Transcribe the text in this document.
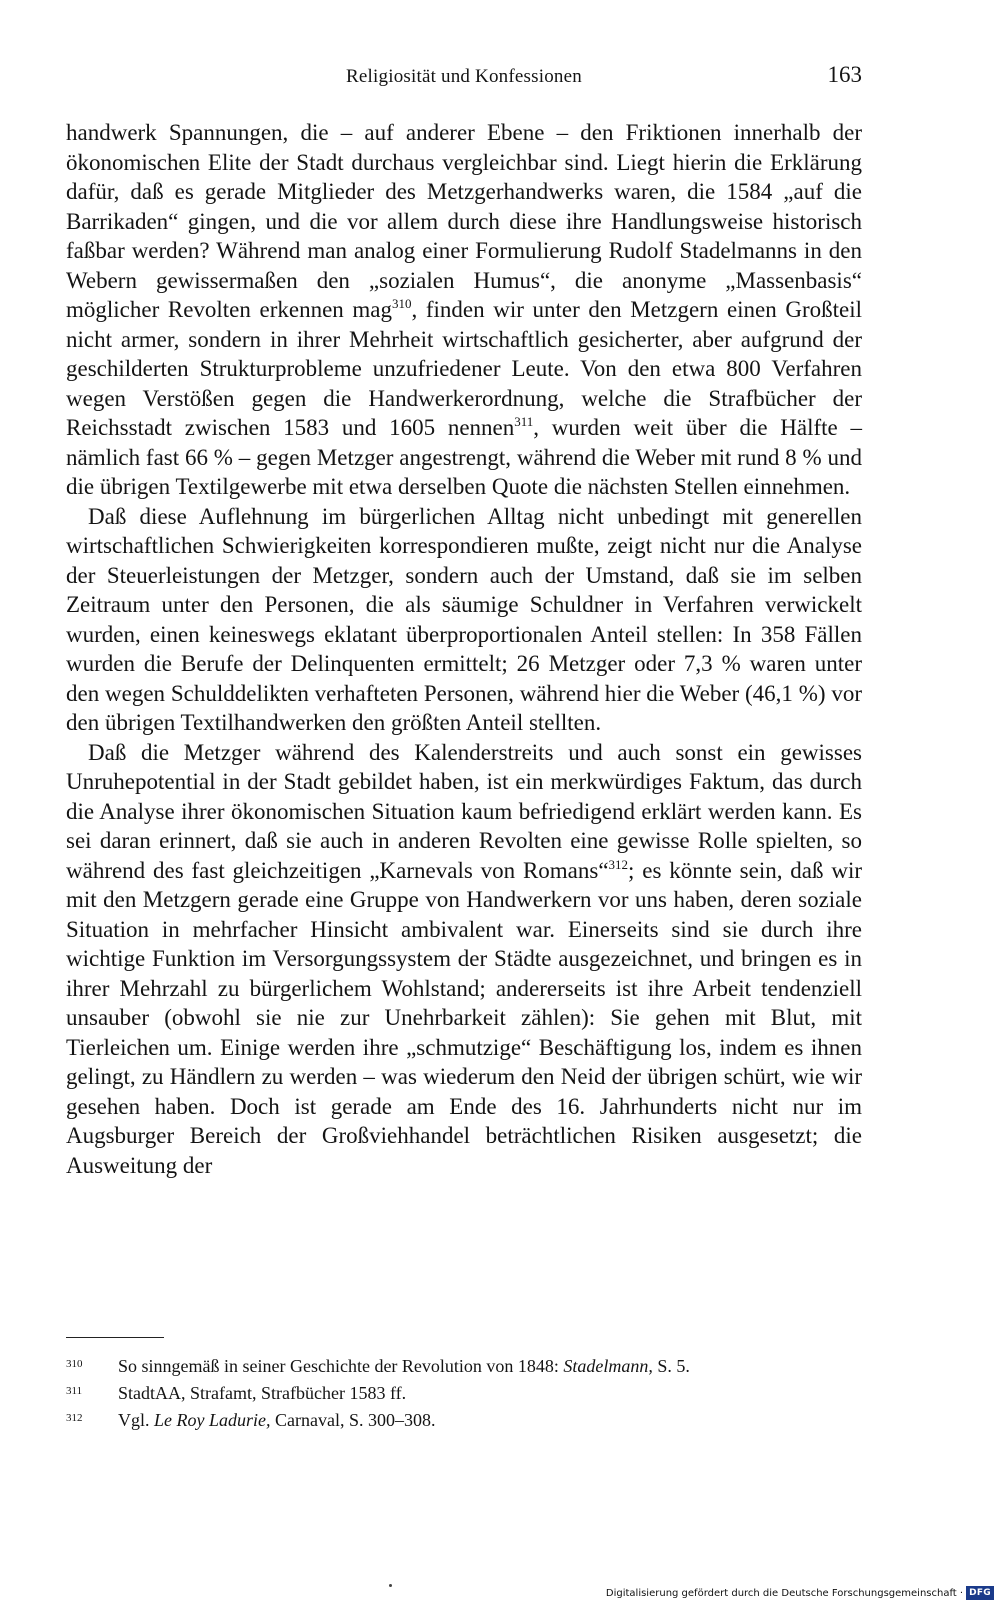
Religiosität und Konfessionen	163

handwerk Spannungen, die – auf anderer Ebene – den Friktionen innerhalb der ökonomischen Elite der Stadt durchaus vergleichbar sind. Liegt hierin die Erklärung dafür, daß es gerade Mitglieder des Metzgerhandwerks waren, die 1584 „auf die Barrikaden“ gingen, und die vor allem durch diese ihre Handlungsweise historisch faßbar werden? Während man analog einer Formulierung Rudolf Stadelmanns in den Webern gewissermaßen den „sozialen Humus“, die anonyme „Massenbasis“ möglicher Revolten erkennen mag$^{310}$, finden wir unter den Metzgern einen Großteil nicht armer, sondern in ihrer Mehrheit wirtschaftlich gesicherter, aber aufgrund der geschilderten Strukturprobleme unzufriedener Leute. Von den etwa 800 Verfahren wegen Verstößen gegen die Handwerkerordnung, welche die Strafbücher der Reichsstadt zwischen 1583 und 1605 nennen$^{311}$, wurden weit über die Hälfte – nämlich fast 66 % – gegen Metzger angestrengt, während die Weber mit rund 8 % und die übrigen Textilgewerbe mit etwa derselben Quote die nächsten Stellen einnehmen.

Daß diese Auflehnung im bürgerlichen Alltag nicht unbedingt mit generellen wirtschaftlichen Schwierigkeiten korrespondieren mußte, zeigt nicht nur die Analyse der Steuerleistungen der Metzger, sondern auch der Umstand, daß sie im selben Zeitraum unter den Personen, die als säumige Schuldner in Verfahren verwickelt wurden, einen keineswegs eklatant überproportionalen Anteil stellen: In 358 Fällen wurden die Berufe der Delinquenten ermittelt; 26 Metzger oder 7,3 % waren unter den wegen Schulddelikten verhafteten Personen, während hier die Weber (46,1 %) vor den übrigen Textilhandwerken den größten Anteil stellten.

Daß die Metzger während des Kalenderstreits und auch sonst ein gewisses Unruhepotential in der Stadt gebildet haben, ist ein merkwürdiges Faktum, das durch die Analyse ihrer ökonomischen Situation kaum befriedigend erklärt werden kann. Es sei daran erinnert, daß sie auch in anderen Revolten eine gewisse Rolle spielten, so während des fast gleichzeitigen „Karnevals von Romans“$^{312}$; es könnte sein, daß wir mit den Metzgern gerade eine Gruppe von Handwerkern vor uns haben, deren soziale Situation in mehrfacher Hinsicht ambivalent war. Einerseits sind sie durch ihre wichtige Funktion im Versorgungssystem der Städte ausgezeichnet, und bringen es in ihrer Mehrzahl zu bürgerlichem Wohlstand; andererseits ist ihre Arbeit tendenziell unsauber (obwohl sie nie zur Unehrbarkeit zählen): Sie gehen mit Blut, mit Tierleichen um. Einige werden ihre „schmutzige“ Beschäftigung los, indem es ihnen gelingt, zu Händlern zu werden – was wiederum den Neid der übrigen schürt, wie wir gesehen haben. Doch ist gerade am Ende des 16. Jahrhunderts nicht nur im Augsburger Bereich der Großviehhandel beträchtlichen Risiken ausgesetzt; die Ausweitung der

310	So sinngemäß in seiner Geschichte der Revolution von 1848: Stadelmann, S. 5.
311	StadtAA, Strafamt, Strafbücher 1583 ff.
312	Vgl. Le Roy Ladurie, Carnaval, S. 300–308.
Digitalisierung gefördert durch die Deutsche Forschungsgemeinschaft · DFG
